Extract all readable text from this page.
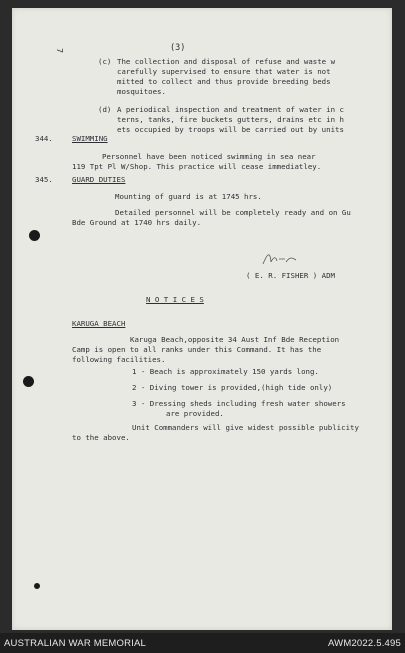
7	(3)
(c) The collection and disposal of refuse and waste w
carefully supervised to ensure that water is not
mitted to collect and thus provide breeding beds
mosquitoes.
(d) A periodical inspection and treatment of water in c
terns, tanks, fire buckets gutters, drains etc in h
ets occupied by troops will be carried out by units
344.	SWIMMING
Personnel have been noticed swimming in sea near
119 Tpt Pl W/Shop. This practice will cease immediatley.
345.	GUARD DUTIES
Mounting of guard is at 1745 hrs.
Detailed personnel will be completely ready and on Gu
Bde Ground at 1740 hrs daily.
( E. R. FISHER ) ADM
N O T I C E S
KARUGA BEACH
Karuga Beach,opposite 34 Aust Inf Bde Reception
Camp is open to all ranks under this Command. It has the
following facilities.
1 - Beach is approximately 150 yards long.
2 - Diving tower is provided,(high tide only)
3 - Dressing sheds including fresh water showers
are provided.
Unit Commanders will give widest possible publicity
to the above.
AUSTRALIAN WAR MEMORIAL	AWM2022.5.495
